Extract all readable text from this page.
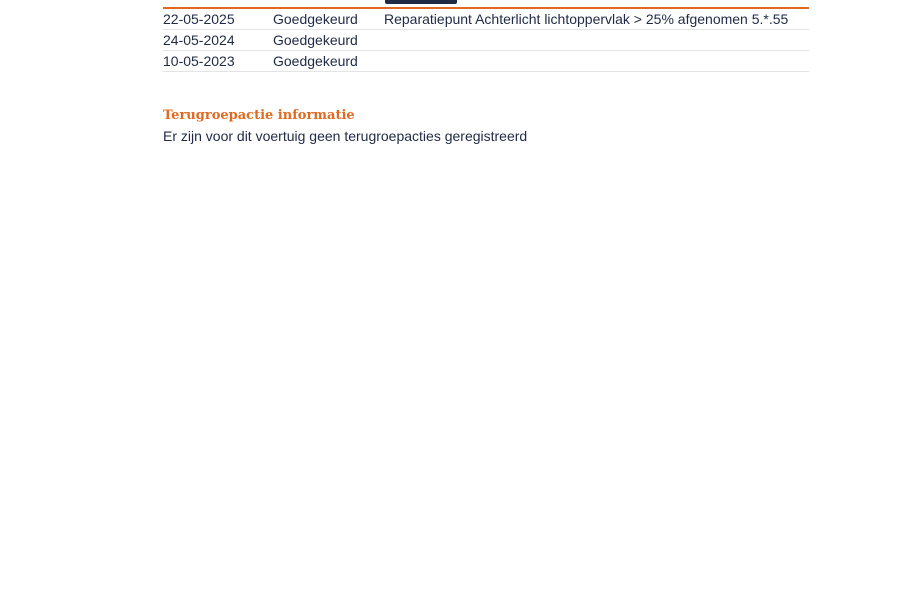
22-05-2025	Goedgekeurd	Reparatiepunt Achterlicht lichtoppervlak > 25% afgenomen 5.*.55
24-05-2024	Goedgekeurd	
10-05-2023	Goedgekeurd	
Terugroepactie informatie

Er zijn voor dit voertuig geen terugroepacties geregistreerd
